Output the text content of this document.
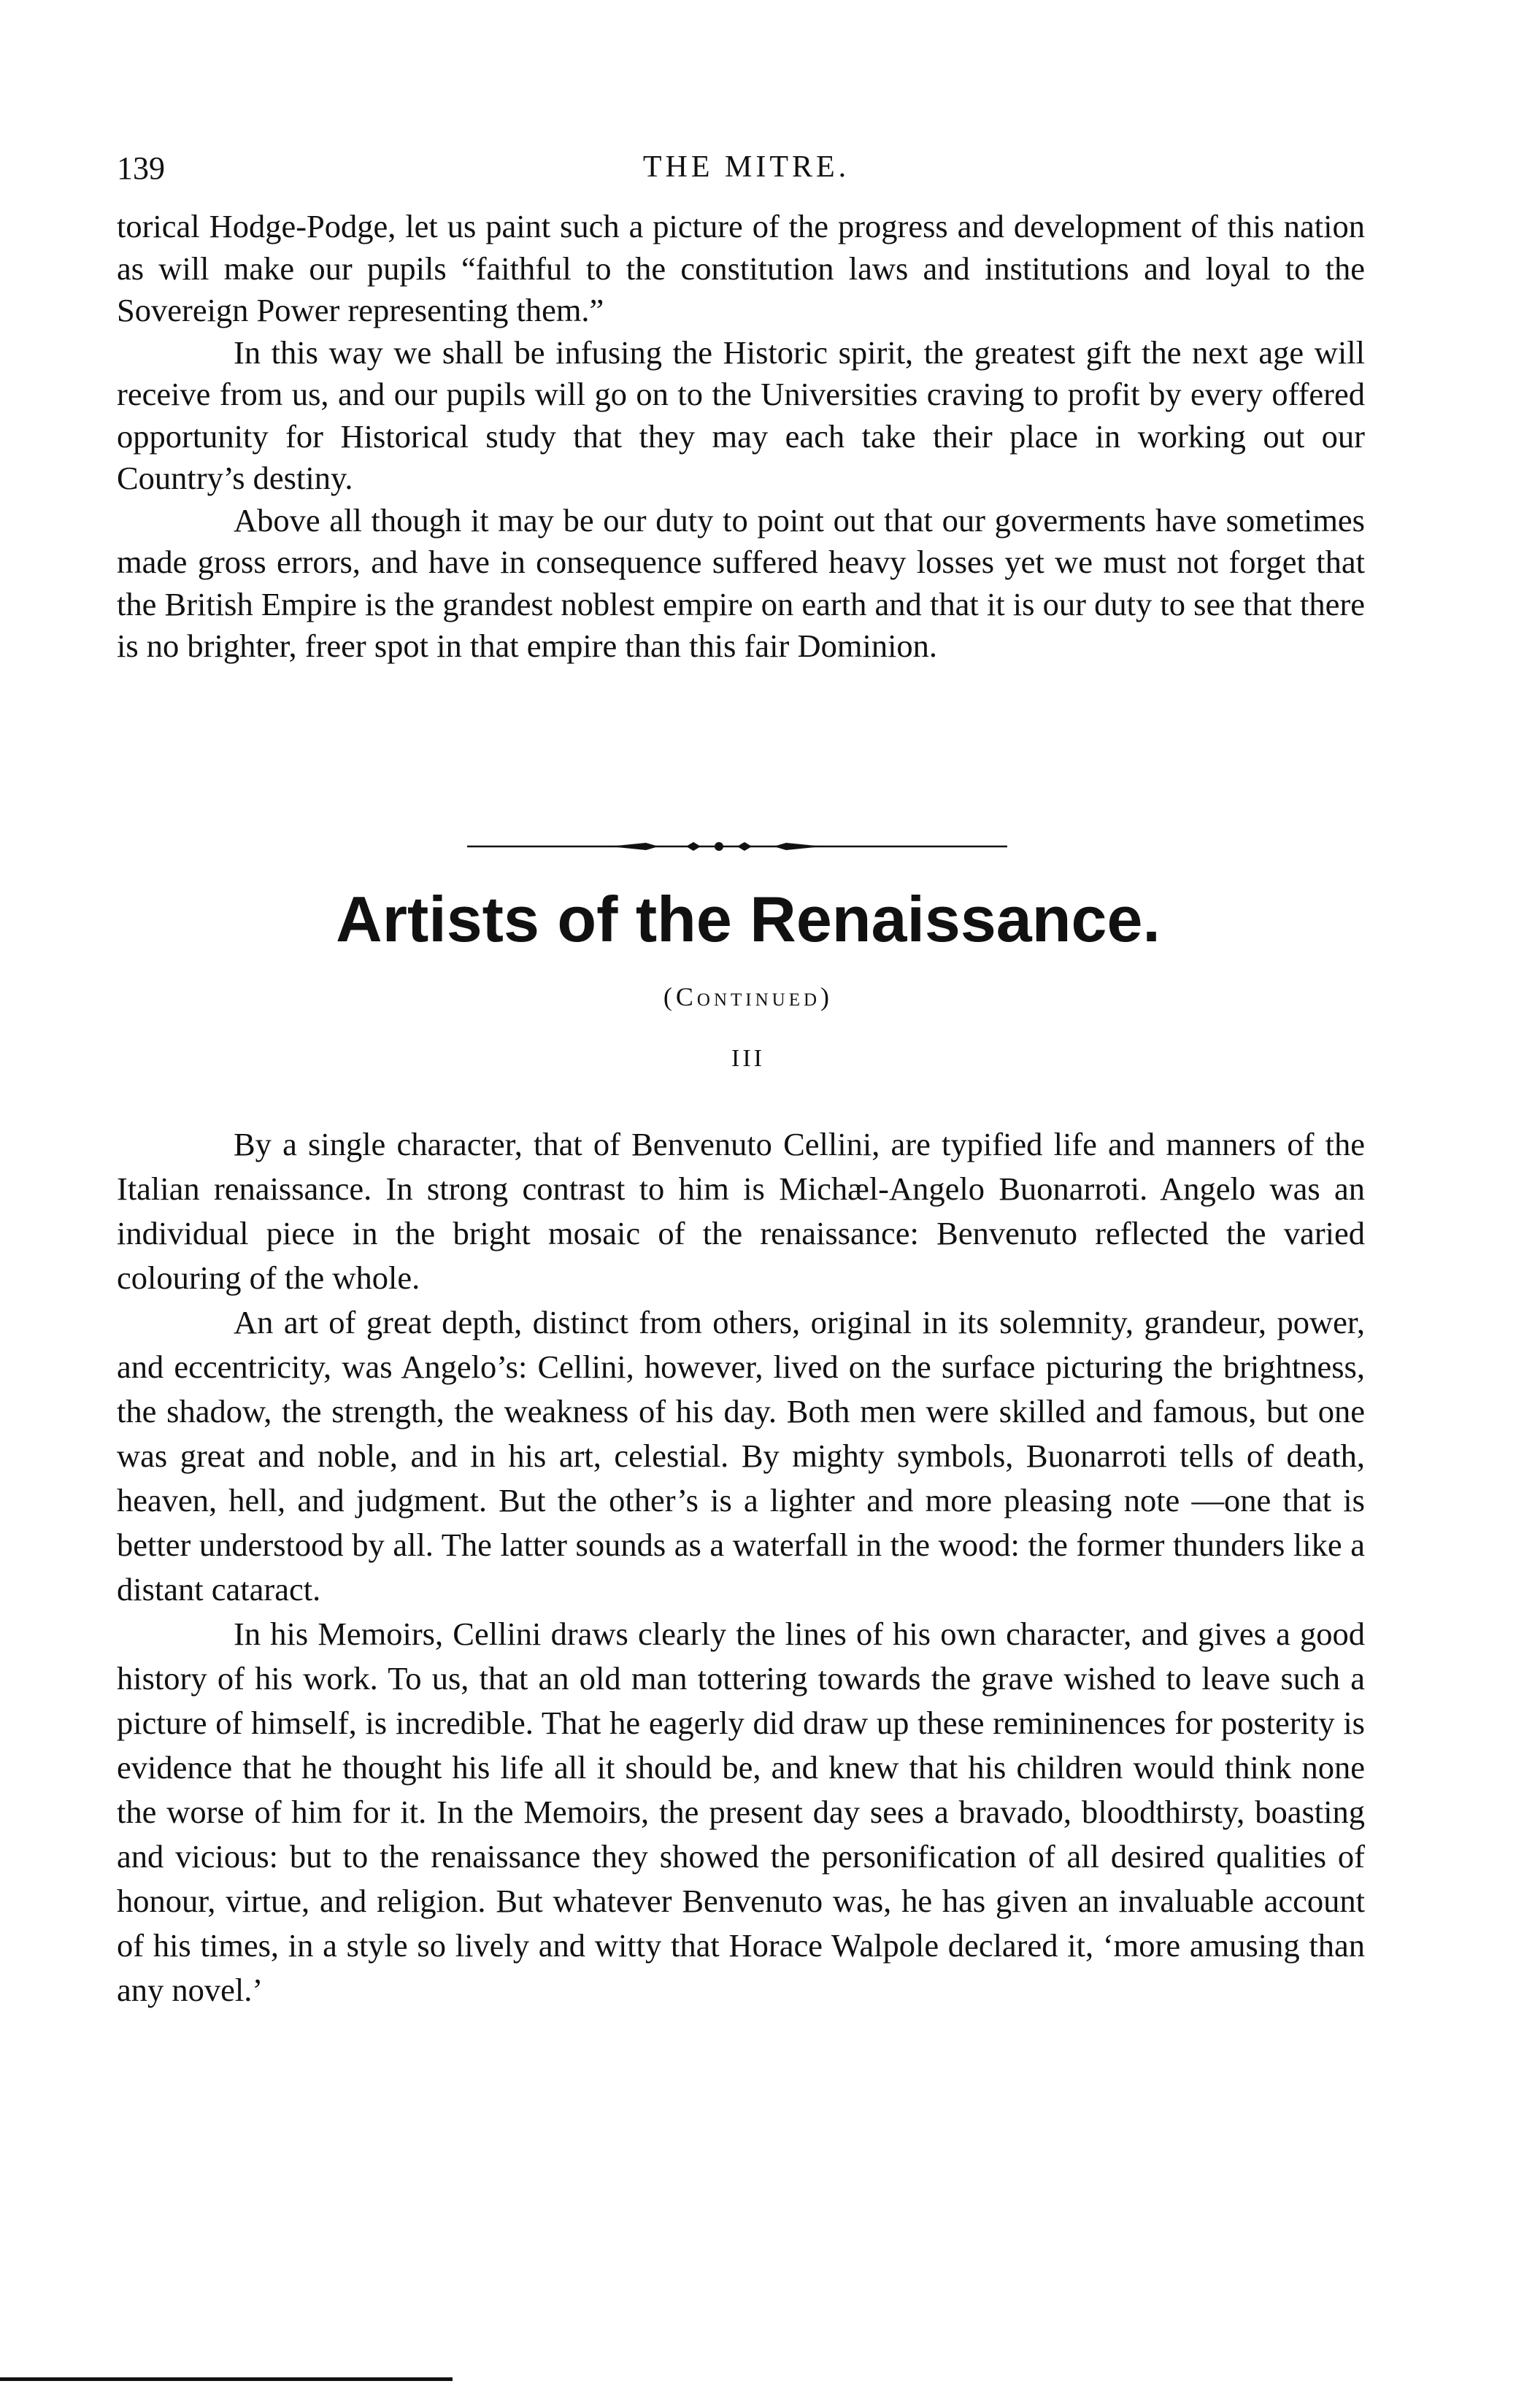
139	THE MITRE.

torical Hodge-Podge, let us paint such a picture of the progress and development of this nation as will make our pupils “faithful to the constitution laws and institutions and loyal to the Sovereign Power representing them.”

In this way we shall be infusing the Historic spirit, the greatest gift the next age will receive from us, and our pupils will go on to the Universities craving to profit by every offered opportunity for Historical study that they may each take their place in working out our Country’s destiny.

Above all though it may be our duty to point out that our goverments have sometimes made gross errors, and have in consequence suffered heavy losses yet we must not forget that the British Empire is the grandest noblest empire on earth and that it is our duty to see that there is no brighter, freer spot in that empire than this fair Dominion.

Artists of the Renaissance.
(Continued)
III

By a single character, that of Benvenuto Cellini, are typified life and manners of the Italian renaissance. In strong contrast to him is Michæl-Angelo Buonarroti. Angelo was an individual piece in the bright mosaic of the renaissance: Benvenuto reflected the varied colouring of the whole.

An art of great depth, distinct from others, original in its solemnity, grandeur, power, and eccentricity, was Angelo’s: Cellini, however, lived on the surface picturing the brightness, the shadow, the strength, the weakness of his day. Both men were skilled and famous, but one was great and noble, and in his art, celestial. By mighty symbols, Buonarroti tells of death, heaven, hell, and judgment. But the other’s is a lighter and more pleasing note —one that is better understood by all. The latter sounds as a waterfall in the wood: the former thunders like a distant cataract.

In his Memoirs, Cellini draws clearly the lines of his own character, and gives a good history of his work. To us, that an old man tottering towards the grave wished to leave such a picture of himself, is incredible. That he eagerly did draw up these remininences for posterity is evidence that he thought his life all it should be, and knew that his children would think none the worse of him for it. In the Memoirs, the present day sees a bravado, bloodthirsty, boasting and vicious: but to the renaissance they showed the personification of all desired qualities of honour, virtue, and religion. But whatever Benvenuto was, he has given an invaluable account of his times, in a style so lively and witty that Horace Walpole declared it, ‘more amusing than any novel.’
